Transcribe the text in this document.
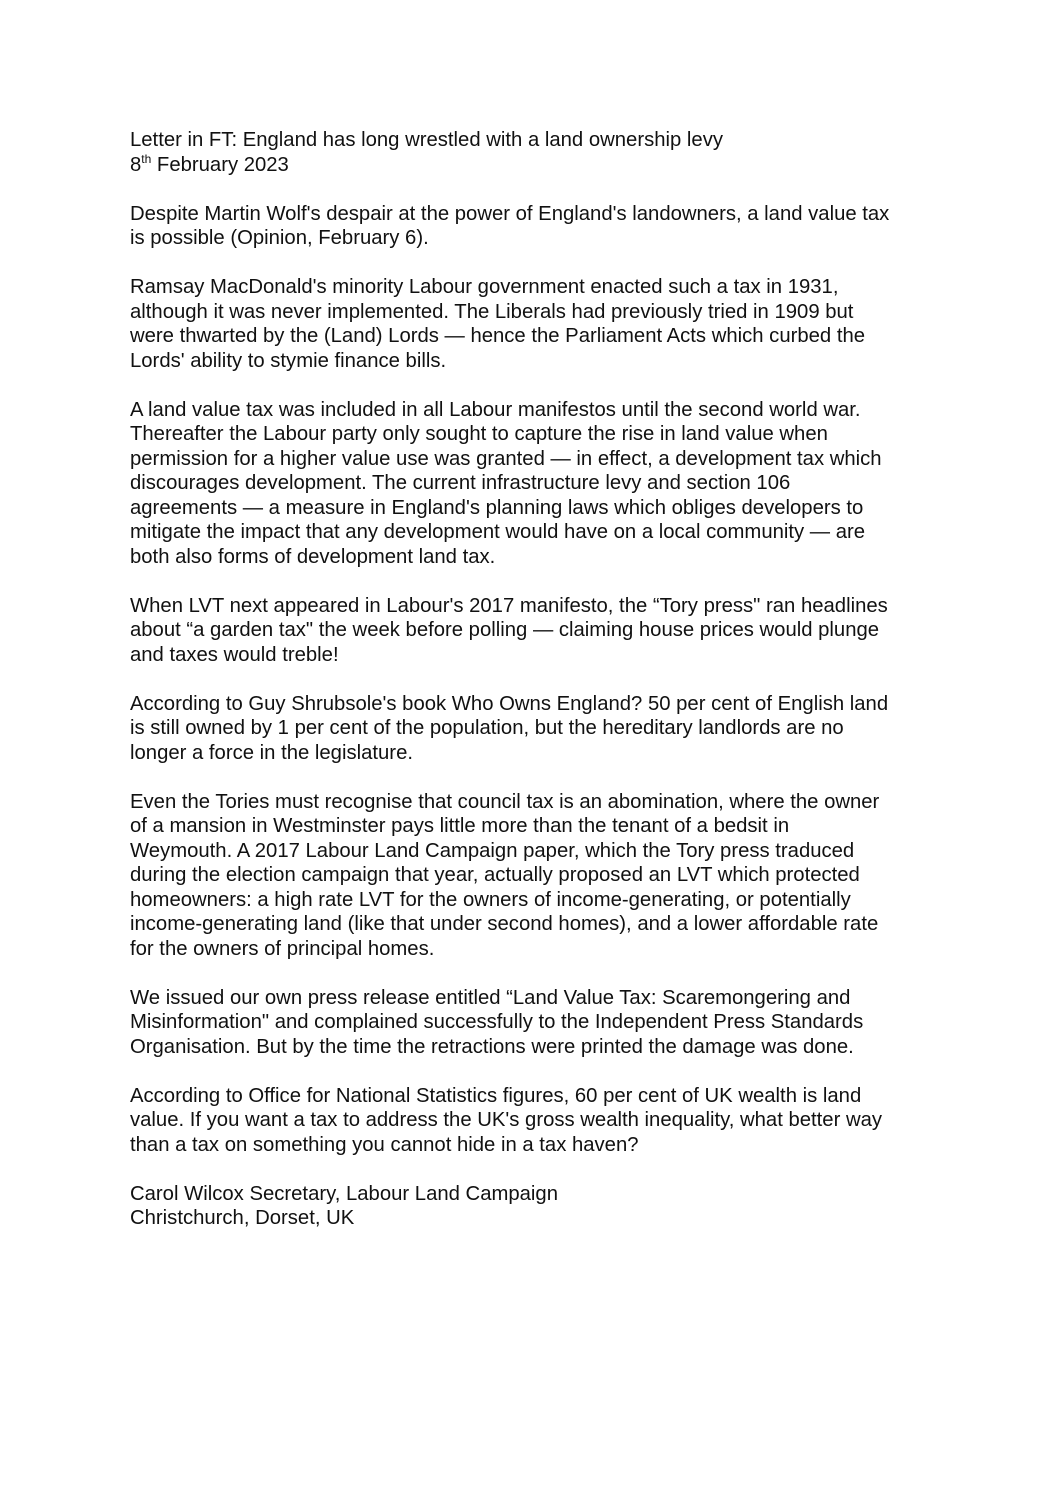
Letter in FT: England has long wrestled with a land ownership levy
8th February 2023

Despite Martin Wolf's despair at the power of England's landowners, a land value tax
is possible (Opinion, February 6).

Ramsay MacDonald's minority Labour government enacted such a tax in 1931,
although it was never implemented. The Liberals had previously tried in 1909 but
were thwarted by the (Land) Lords — hence the Parliament Acts which curbed the
Lords' ability to stymie finance bills.

A land value tax was included in all Labour manifestos until the second world war.
Thereafter the Labour party only sought to capture the rise in land value when
permission for a higher value use was granted — in effect, a development tax which
discourages development. The current infrastructure levy and section 106
agreements — a measure in England's planning laws which obliges developers to
mitigate the impact that any development would have on a local community — are
both also forms of development land tax.

When LVT next appeared in Labour's 2017 manifesto, the “Tory press" ran headlines
about “a garden tax" the week before polling — claiming house prices would plunge
and taxes would treble!

According to Guy Shrubsole's book Who Owns England? 50 per cent of English land
is still owned by 1 per cent of the population, but the hereditary landlords are no
longer a force in the legislature.

Even the Tories must recognise that council tax is an abomination, where the owner
of a mansion in Westminster pays little more than the tenant of a bedsit in
Weymouth. A 2017 Labour Land Campaign paper, which the Tory press traduced
during the election campaign that year, actually proposed an LVT which protected
homeowners: a high rate LVT for the owners of income-generating, or potentially
income-generating land (like that under second homes), and a lower affordable rate
for the owners of principal homes.

We issued our own press release entitled “Land Value Tax: Scaremongering and
Misinformation" and complained successfully to the Independent Press Standards
Organisation. But by the time the retractions were printed the damage was done.

According to Office for National Statistics figures, 60 per cent of UK wealth is land
value. If you want a tax to address the UK's gross wealth inequality, what better way
than a tax on something you cannot hide in a tax haven?

Carol Wilcox Secretary, Labour Land Campaign
Christchurch, Dorset, UK
